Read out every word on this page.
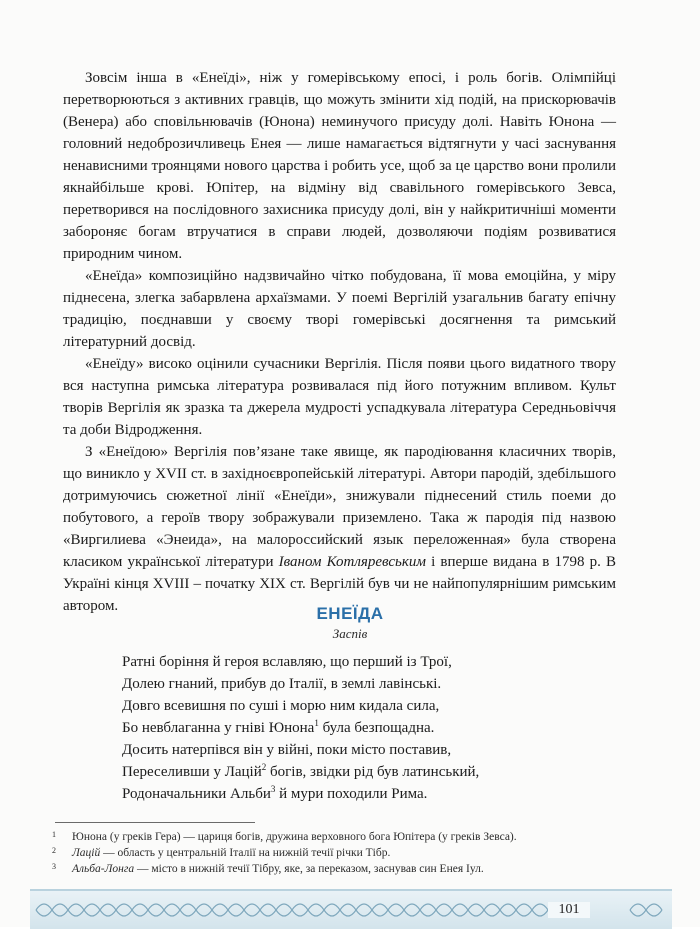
Зовсім інша в «Енеїді», ніж у гомерівському епосі, і роль богів. Олімпійці перетворюються з активних гравців, що можуть змінити хід подій, на прискорювачів (Венера) або сповільнювачів (Юнона) неминучого присуду долі. Навіть Юнона — головний недоброзичливець Енея — лише намагається відтягнути у часі заснування ненависними троянцями нового царства і робить усе, щоб за це царство вони пролили якнайбільше крові. Юпітер, на відміну від свавільного гомерівського Зевса, перетворився на послідовного захисника присуду долі, він у найкритичніші моменти забороняє богам втручатися в справи людей, дозволяючи подіям розвиватися природним чином.

«Енеїда» композиційно надзвичайно чітко побудована, її мова емоційна, у міру піднесена, злегка забарвлена архаїзмами. У поемі Вергілій узагальнив багату епічну традицію, поєднавши у своєму творі гомерівські досягнення та римський літературний досвід.

«Енеїду» високо оцінили сучасники Вергілія. Після появи цього видатного твору вся наступна римська література розвивалася під його потужним впливом. Культ творів Вергілія як зразка та джерела мудрості успадкувала література Середньовіччя та доби Відродження.

З «Енеїдою» Вергілія пов’язане таке явище, як пародіювання класичних творів, що виникло у XVII ст. в західноєвропейській літературі. Автори пародій, здебільшого дотримуючись сюжетної лінії «Енеїди», знижували піднесений стиль поеми до побутового, а героїв твору зображували приземлено. Така ж пародія під назвою «Виргилиева «Энеида», на малороссийский язык переложенная» була створена класиком української літератури Іваном Котляревським і вперше видана в 1798 р. В Україні кінця XVIII – початку XIX ст. Вергілій був чи не найпопулярнішим римським автором.	ЕНЕЇДА
Заспів
Ратні боріння й героя вславляю, що перший із Трої,
Долею гнаний, прибув до Італії, в землі лавінські.
Довго всевишня по суші і морю ним кидала сила,
Бо невблаганна у гніві Юнона$^1$ була безпощадна.
Досить натерпівся він у війні, поки місто поставив,
Переселивши у Лацій$^2$ богів, звідки рід був латинський,
Родоначальники Альби$^3$ й мури походили Рима.
1	Юнона (у греків Гера) — цариця богів, дружина верховного бога Юпітера (у греків Зевса).
2	Лацій — область у центральній Італії на нижній течії річки Тібр.
3	Альба-Лонга — місто в нижній течії Тібру, яке, за переказом, заснував син Енея Іул.
101
